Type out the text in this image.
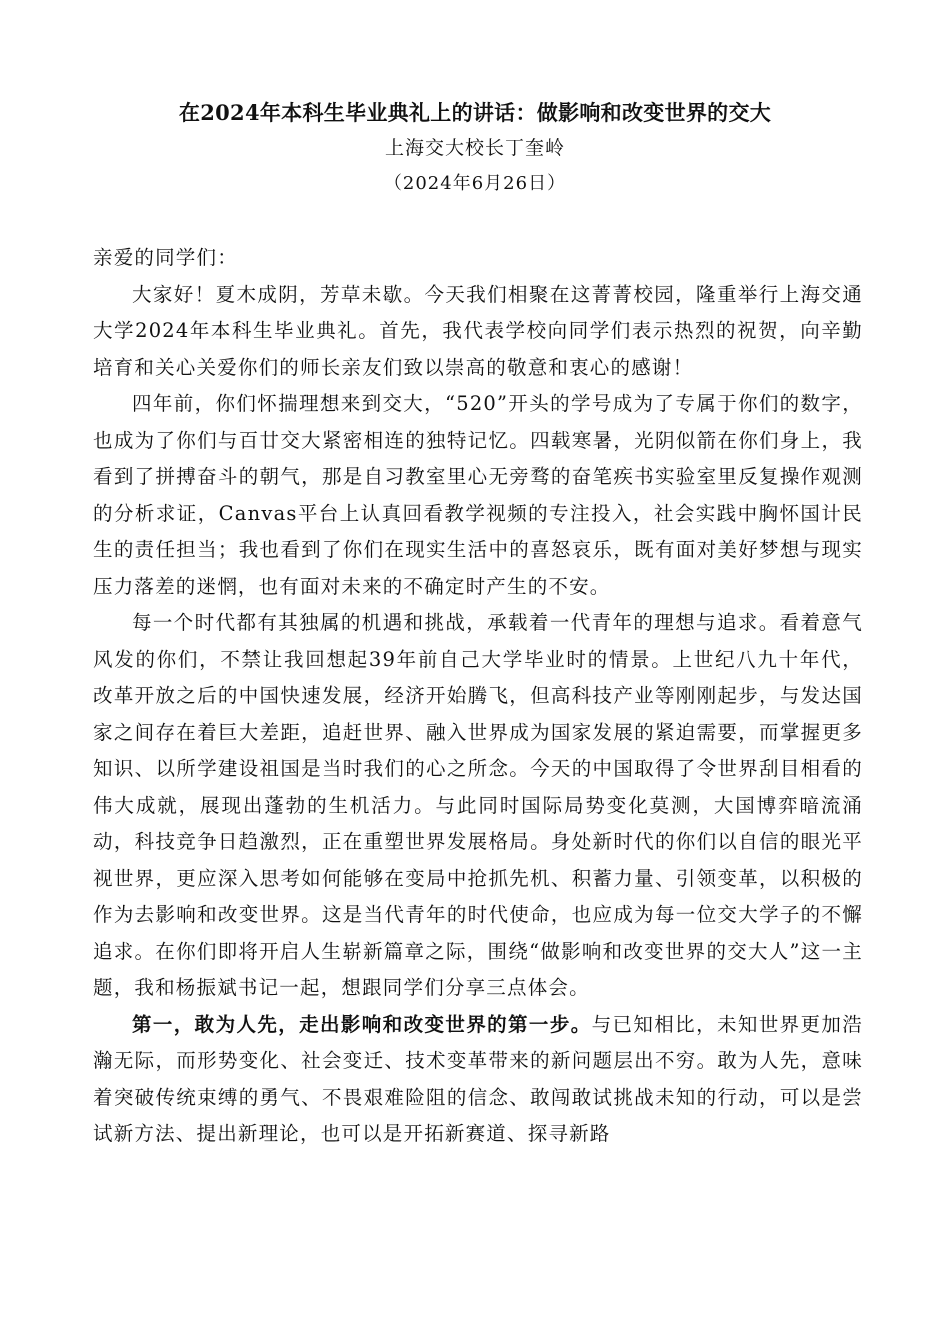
在2024年本科生毕业典礼上的讲话：做影响和改变世界的交大
上海交大校长丁奎岭
（2024年6月26日）

亲爱的同学们：

大家好！夏木成阴，芳草未歇。今天我们相聚在这菁菁校园，隆重举行上海交通大学2024年本科生毕业典礼。首先，我代表学校向同学们表示热烈的祝贺，向辛勤培育和关心关爱你们的师长亲友们致以崇高的敬意和衷心的感谢！

四年前，你们怀揣理想来到交大，“520”开头的学号成为了专属于你们的数字，也成为了你们与百廿交大紧密相连的独特记忆。四载寒暑，光阴似箭在你们身上，我看到了拼搏奋斗的朝气，那是自习教室里心无旁骛的奋笔疾书实验室里反复操作观测的分析求证，Canvas平台上认真回看教学视频的专注投入，社会实践中胸怀国计民生的责任担当；我也看到了你们在现实生活中的喜怒哀乐，既有面对美好梦想与现实压力落差的迷惘，也有面对未来的不确定时产生的不安。

每一个时代都有其独属的机遇和挑战，承载着一代青年的理想与追求。看着意气风发的你们，不禁让我回想起39年前自己大学毕业时的情景。上世纪八九十年代，改革开放之后的中国快速发展，经济开始腾飞，但高科技产业等刚刚起步，与发达国家之间存在着巨大差距，追赶世界、融入世界成为国家发展的紧迫需要，而掌握更多知识、以所学建设祖国是当时我们的心之所念。今天的中国取得了令世界刮目相看的伟大成就，展现出蓬勃的生机活力。与此同时国际局势变化莫测，大国博弈暗流涌动，科技竞争日趋激烈，正在重塑世界发展格局。身处新时代的你们以自信的眼光平视世界，更应深入思考如何能够在变局中抢抓先机、积蓄力量、引领变革，以积极的作为去影响和改变世界。这是当代青年的时代使命，也应成为每一位交大学子的不懈追求。在你们即将开启人生崭新篇章之际，围绕“做影响和改变世界的交大人”这一主题，我和杨振斌书记一起，想跟同学们分享三点体会。

第一，敢为人先，走出影响和改变世界的第一步。与已知相比，未知世界更加浩瀚无际，而形势变化、社会变迁、技术变革带来的新问题层出不穷。敢为人先，意味着突破传统束缚的勇气、不畏艰难险阻的信念、敢闯敢试挑战未知的行动，可以是尝试新方法、提出新理论，也可以是开拓新赛道、探寻新路
